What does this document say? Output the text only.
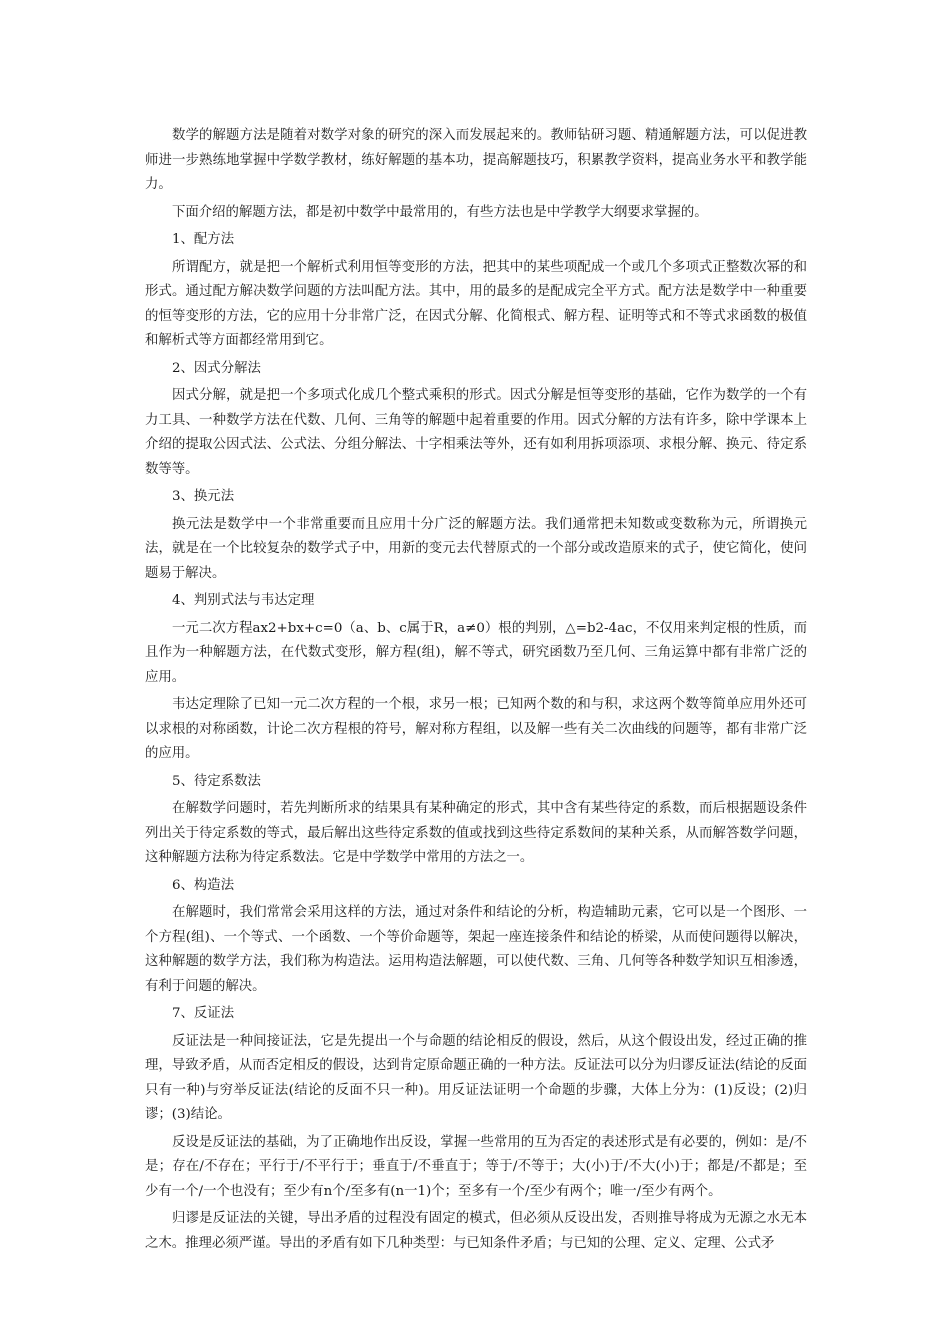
数学的解题方法是随着对数学对象的研究的深入而发展起来的。教师钻研习题、精通解题方法，可以促进教师进一步熟练地掌握中学数学教材，练好解题的基本功，提高解题技巧，积累教学资料，提高业务水平和教学能力。

下面介绍的解题方法，都是初中数学中最常用的，有些方法也是中学教学大纲要求掌握的。

1、配方法

所谓配方，就是把一个解析式利用恒等变形的方法，把其中的某些项配成一个或几个多项式正整数次幂的和形式。通过配方解决数学问题的方法叫配方法。其中，用的最多的是配成完全平方式。配方法是数学中一种重要的恒等变形的方法，它的应用十分非常广泛，在因式分解、化简根式、解方程、证明等式和不等式求函数的极值和解析式等方面都经常用到它。

2、因式分解法

因式分解，就是把一个多项式化成几个整式乘积的形式。因式分解是恒等变形的基础，它作为数学的一个有力工具、一种数学方法在代数、几何、三角等的解题中起着重要的作用。因式分解的方法有许多，除中学课本上介绍的提取公因式法、公式法、分组分解法、十字相乘法等外，还有如利用拆项添项、求根分解、换元、待定系数等等。

3、换元法

换元法是数学中一个非常重要而且应用十分广泛的解题方法。我们通常把未知数或变数称为元，所谓换元法，就是在一个比较复杂的数学式子中，用新的变元去代替原式的一个部分或改造原来的式子，使它简化，使问题易于解决。

4、判别式法与韦达定理

一元二次方程ax2+bx+c=0（a、b、c属于R，a≠0）根的判别，△=b2-4ac，不仅用来判定根的性质，而且作为一种解题方法，在代数式变形，解方程(组)，解不等式，研究函数乃至几何、三角运算中都有非常广泛的应用。

韦达定理除了已知一元二次方程的一个根，求另一根；已知两个数的和与积，求这两个数等简单应用外还可以求根的对称函数，计论二次方程根的符号，解对称方程组，以及解一些有关二次曲线的问题等，都有非常广泛的应用。

5、待定系数法

在解数学问题时，若先判断所求的结果具有某种确定的形式，其中含有某些待定的系数，而后根据题设条件列出关于待定系数的等式，最后解出这些待定系数的值或找到这些待定系数间的某种关系，从而解答数学问题，这种解题方法称为待定系数法。它是中学数学中常用的方法之一。

6、构造法

在解题时，我们常常会采用这样的方法，通过对条件和结论的分析，构造辅助元素，它可以是一个图形、一个方程(组)、一个等式、一个函数、一个等价命题等，架起一座连接条件和结论的桥梁，从而使问题得以解决，这种解题的数学方法，我们称为构造法。运用构造法解题，可以使代数、三角、几何等各种数学知识互相渗透，有利于问题的解决。

7、反证法

反证法是一种间接证法，它是先提出一个与命题的结论相反的假设，然后，从这个假设出发，经过正确的推理，导致矛盾，从而否定相反的假设，达到肯定原命题正确的一种方法。反证法可以分为归谬反证法(结论的反面只有一种)与穷举反证法(结论的反面不只一种)。用反证法证明一个命题的步骤，大体上分为：(1)反设；(2)归谬；(3)结论。

反设是反证法的基础，为了正确地作出反设，掌握一些常用的互为否定的表述形式是有必要的，例如：是/不是；存在/不存在；平行于/不平行于；垂直于/不垂直于；等于/不等于；大(小)于/不大(小)于；都是/不都是；至少有一个/一个也没有；至少有n个/至多有(n一1)个；至多有一个/至少有两个；唯一/至少有两个。

归谬是反证法的关键，导出矛盾的过程没有固定的模式，但必须从反设出发，否则推导将成为无源之水无本之木。推理必须严谨。导出的矛盾有如下几种类型：与已知条件矛盾；与已知的公理、定义、定理、公式矛
